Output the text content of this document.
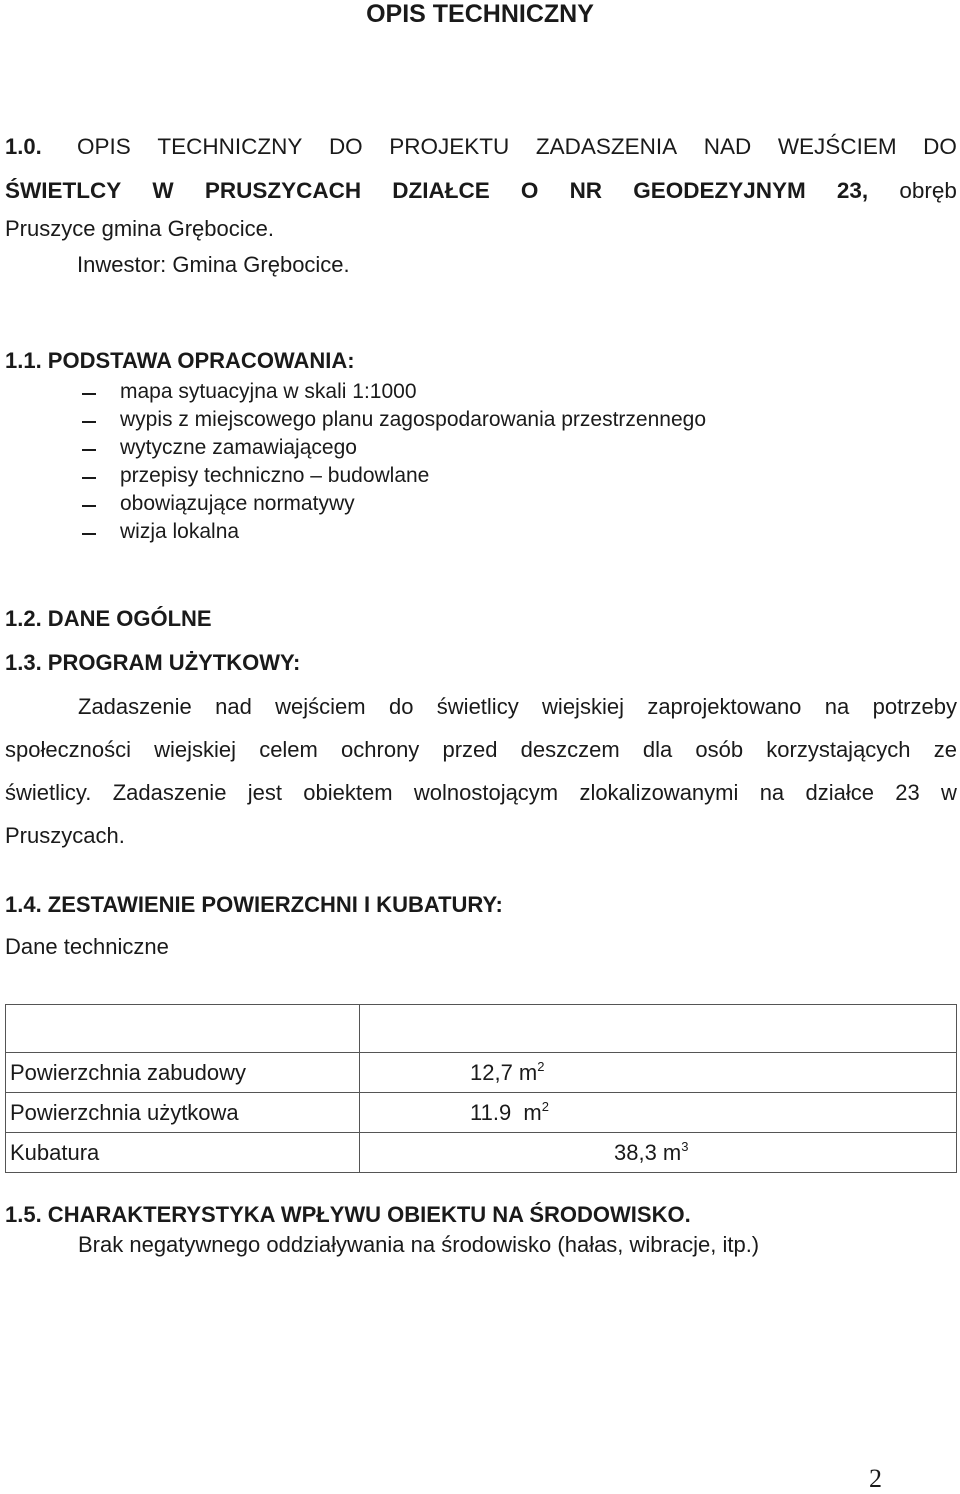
OPIS TECHNICZNY
1.0.	OPIS TECHNICZNY DO PROJEKTU ZADASZENIA NAD WEJŚCIEM DO
ŚWIETLCY W PRUSZYCACH DZIAŁCE O NR GEODEZYJNYM 23, obręb
Pruszyce gmina Grębocice.
Inwestor: Gmina Grębocice.
1.1. PODSTAWA OPRACOWANIA:
mapa sytuacyjna w skali 1:1000
wypis z miejscowego planu zagospodarowania przestrzennego
wytyczne zamawiającego
przepisy techniczno – budowlane
obowiązujące normatywy
wizja lokalna
1.2. DANE OGÓLNE
1.3. PROGRAM UŻYTKOWY:
Zadaszenie nad wejściem do świetlicy wiejskiej zaprojektowano na potrzeby
społeczności wiejskiej celem ochrony przed deszczem dla osób korzystających ze
świetlicy. Zadaszenie jest obiektem wolnostojącym zlokalizowanymi na działce 23 w
Pruszycach.
1.4. ZESTAWIENIE POWIERZCHNI I KUBATURY:
Dane techniczne

Powierzchnia zabudowy	12,7 $m^2$
Powierzchnia użytkowa	11.9  $m^2$
Kubatura	38,3 $m^3$
1.5. CHARAKTERYSTYKA WPŁYWU OBIEKTU NA ŚRODOWISKO.
Brak negatywnego oddziaływania na środowisko (hałas, wibracje, itp.)
2
